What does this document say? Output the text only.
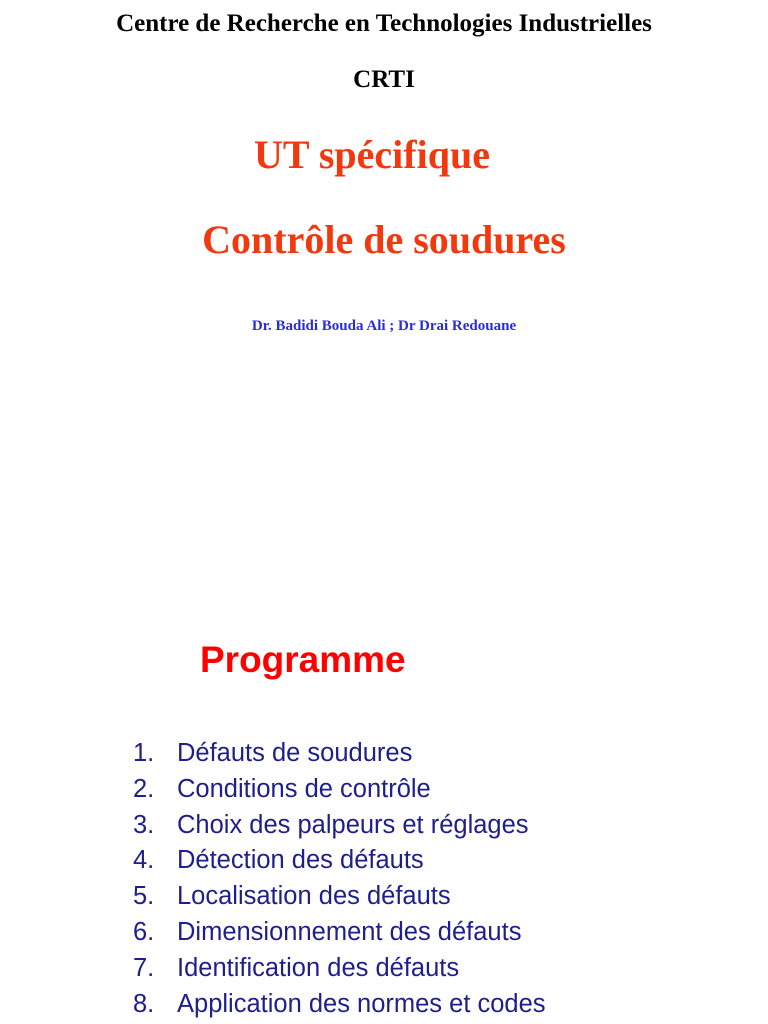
Centre de Recherche en Technologies Industrielles
CRTI
UT spécifique
Contrôle de soudures
Dr. Badidi Bouda Ali ; Dr Drai Redouane
Programme
1. Défauts de soudures
2. Conditions de contrôle
3. Choix des palpeurs et réglages
4. Détection des défauts
5. Localisation des défauts
6. Dimensionnement des défauts
7. Identification des défauts
8. Application des normes et codes
